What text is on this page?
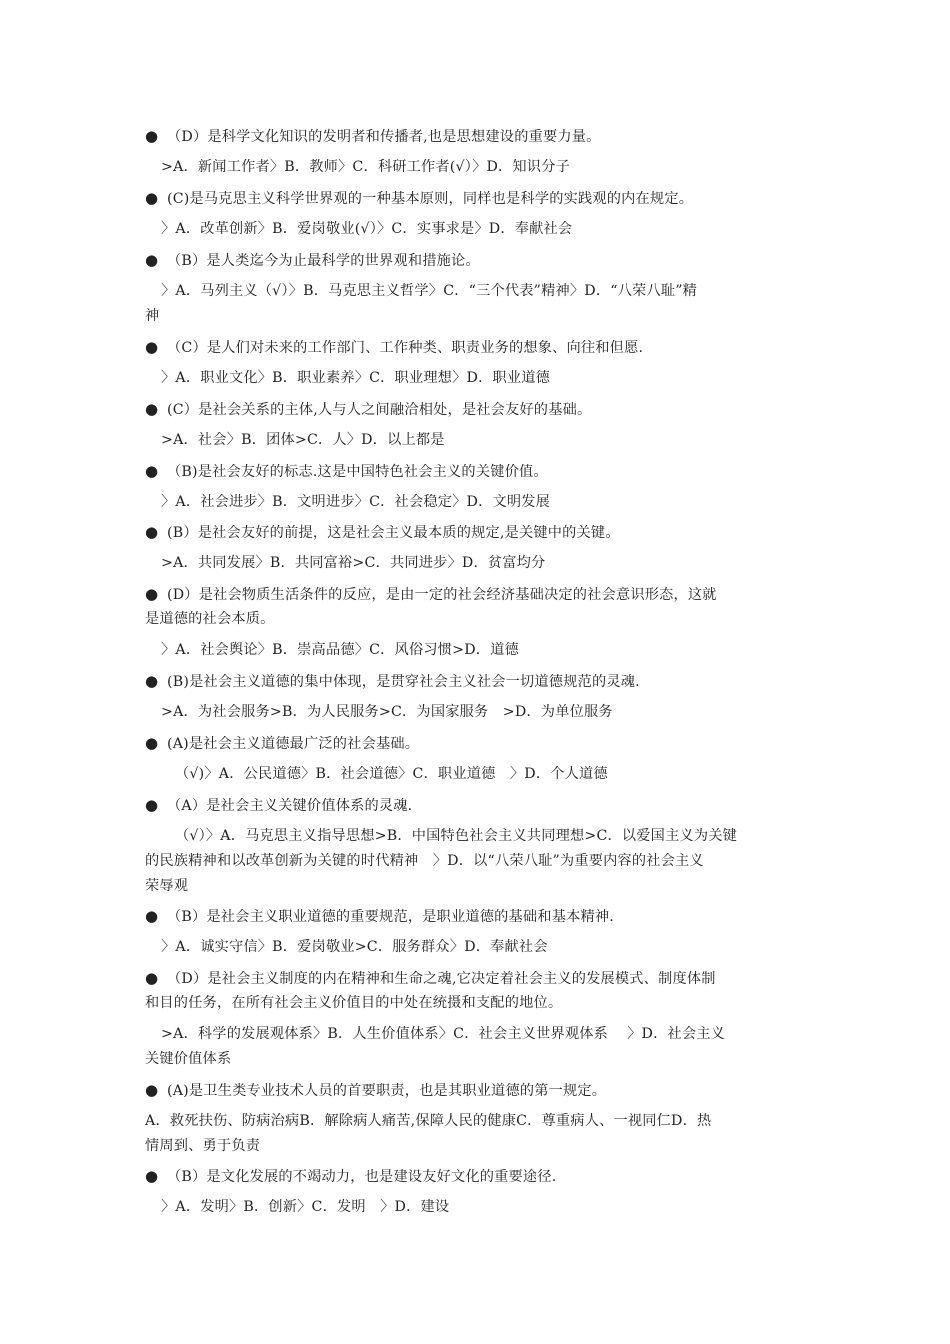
● （D）是科学文化知识的发明者和传播者,也是思想建设的重要力量。
>A．新闻工作者〉B．教师〉C．科研工作者(√）〉D．知识分子
● (C)是马克思主义科学世界观的一种基本原则，同样也是科学的实践观的内在规定。
〉A．改革创新〉B．爱岗敬业(√）〉C．实事求是〉D．奉献社会
● （B）是人类迄今为止最科学的世界观和措施论。
〉A．马列主义（√）〉B．马克思主义哲学〉C．“三个代表”精神〉D．“八荣八耻”精
神
● （C）是人们对未来的工作部门、工作种类、职责业务的想象、向往和但愿.
〉A．职业文化〉B．职业素养〉C．职业理想〉D．职业道德
● (C）是社会关系的主体,人与人之间融洽相处，是社会友好的基础。
>A．社会〉B．团体>C．人〉D．以上都是
● （B)是社会友好的标志.这是中国特色社会主义的关键价值。
〉A．社会进步〉B．文明进步〉C．社会稳定〉D．文明发展
● (B）是社会友好的前提，这是社会主义最本质的规定,是关键中的关键。
>A．共同发展〉B．共同富裕>C．共同进步〉D．贫富均分
● (D）是社会物质生活条件的反应，是由一定的社会经济基础决定的社会意识形态，这就
是道德的社会本质。
〉A．社会舆论〉B．崇高品德〉C．风俗习惯>D．道德
● (B)是社会主义道德的集中体现，是贯穿社会主义社会一切道德规范的灵魂.
>A．为社会服务>B．为人民服务>C．为国家服务　>D．为单位服务
● (A)是社会主义道德最广泛的社会基础。
（√)〉A．公民道德〉B．社会道德〉C．职业道德　〉D．个人道德
● （A）是社会主义关键价值体系的灵魂.
（√）〉A．马克思主义指导思想>B．中国特色社会主义共同理想>C．以爱国主义为关键
的民族精神和以改革创新为关键的时代精神　〉D．以“八荣八耻”为重要内容的社会主义
荣辱观
● （B）是社会主义职业道德的重要规范，是职业道德的基础和基本精神.
〉A．诚实守信〉B．爱岗敬业>C．服务群众〉D．奉献社会
● （D）是社会主义制度的内在精神和生命之魂,它决定着社会主义的发展模式、制度体制
和目的任务，在所有社会主义价值目的中处在统摄和支配的地位。
>A．科学的发展观体系〉B．人生价值体系〉C．社会主义世界观体系　 〉D．社会主义
关键价值体系
● (A)是卫生类专业技术人员的首要职责，也是其职业道德的第一规定。
A．救死扶伤、防病治病B．解除病人痛苦,保障人民的健康C．尊重病人、一视同仁D．热
情周到、勇于负责
● （B）是文化发展的不竭动力，也是建设友好文化的重要途径.
〉A．发明〉B．创新〉C．发明　〉D．建设
